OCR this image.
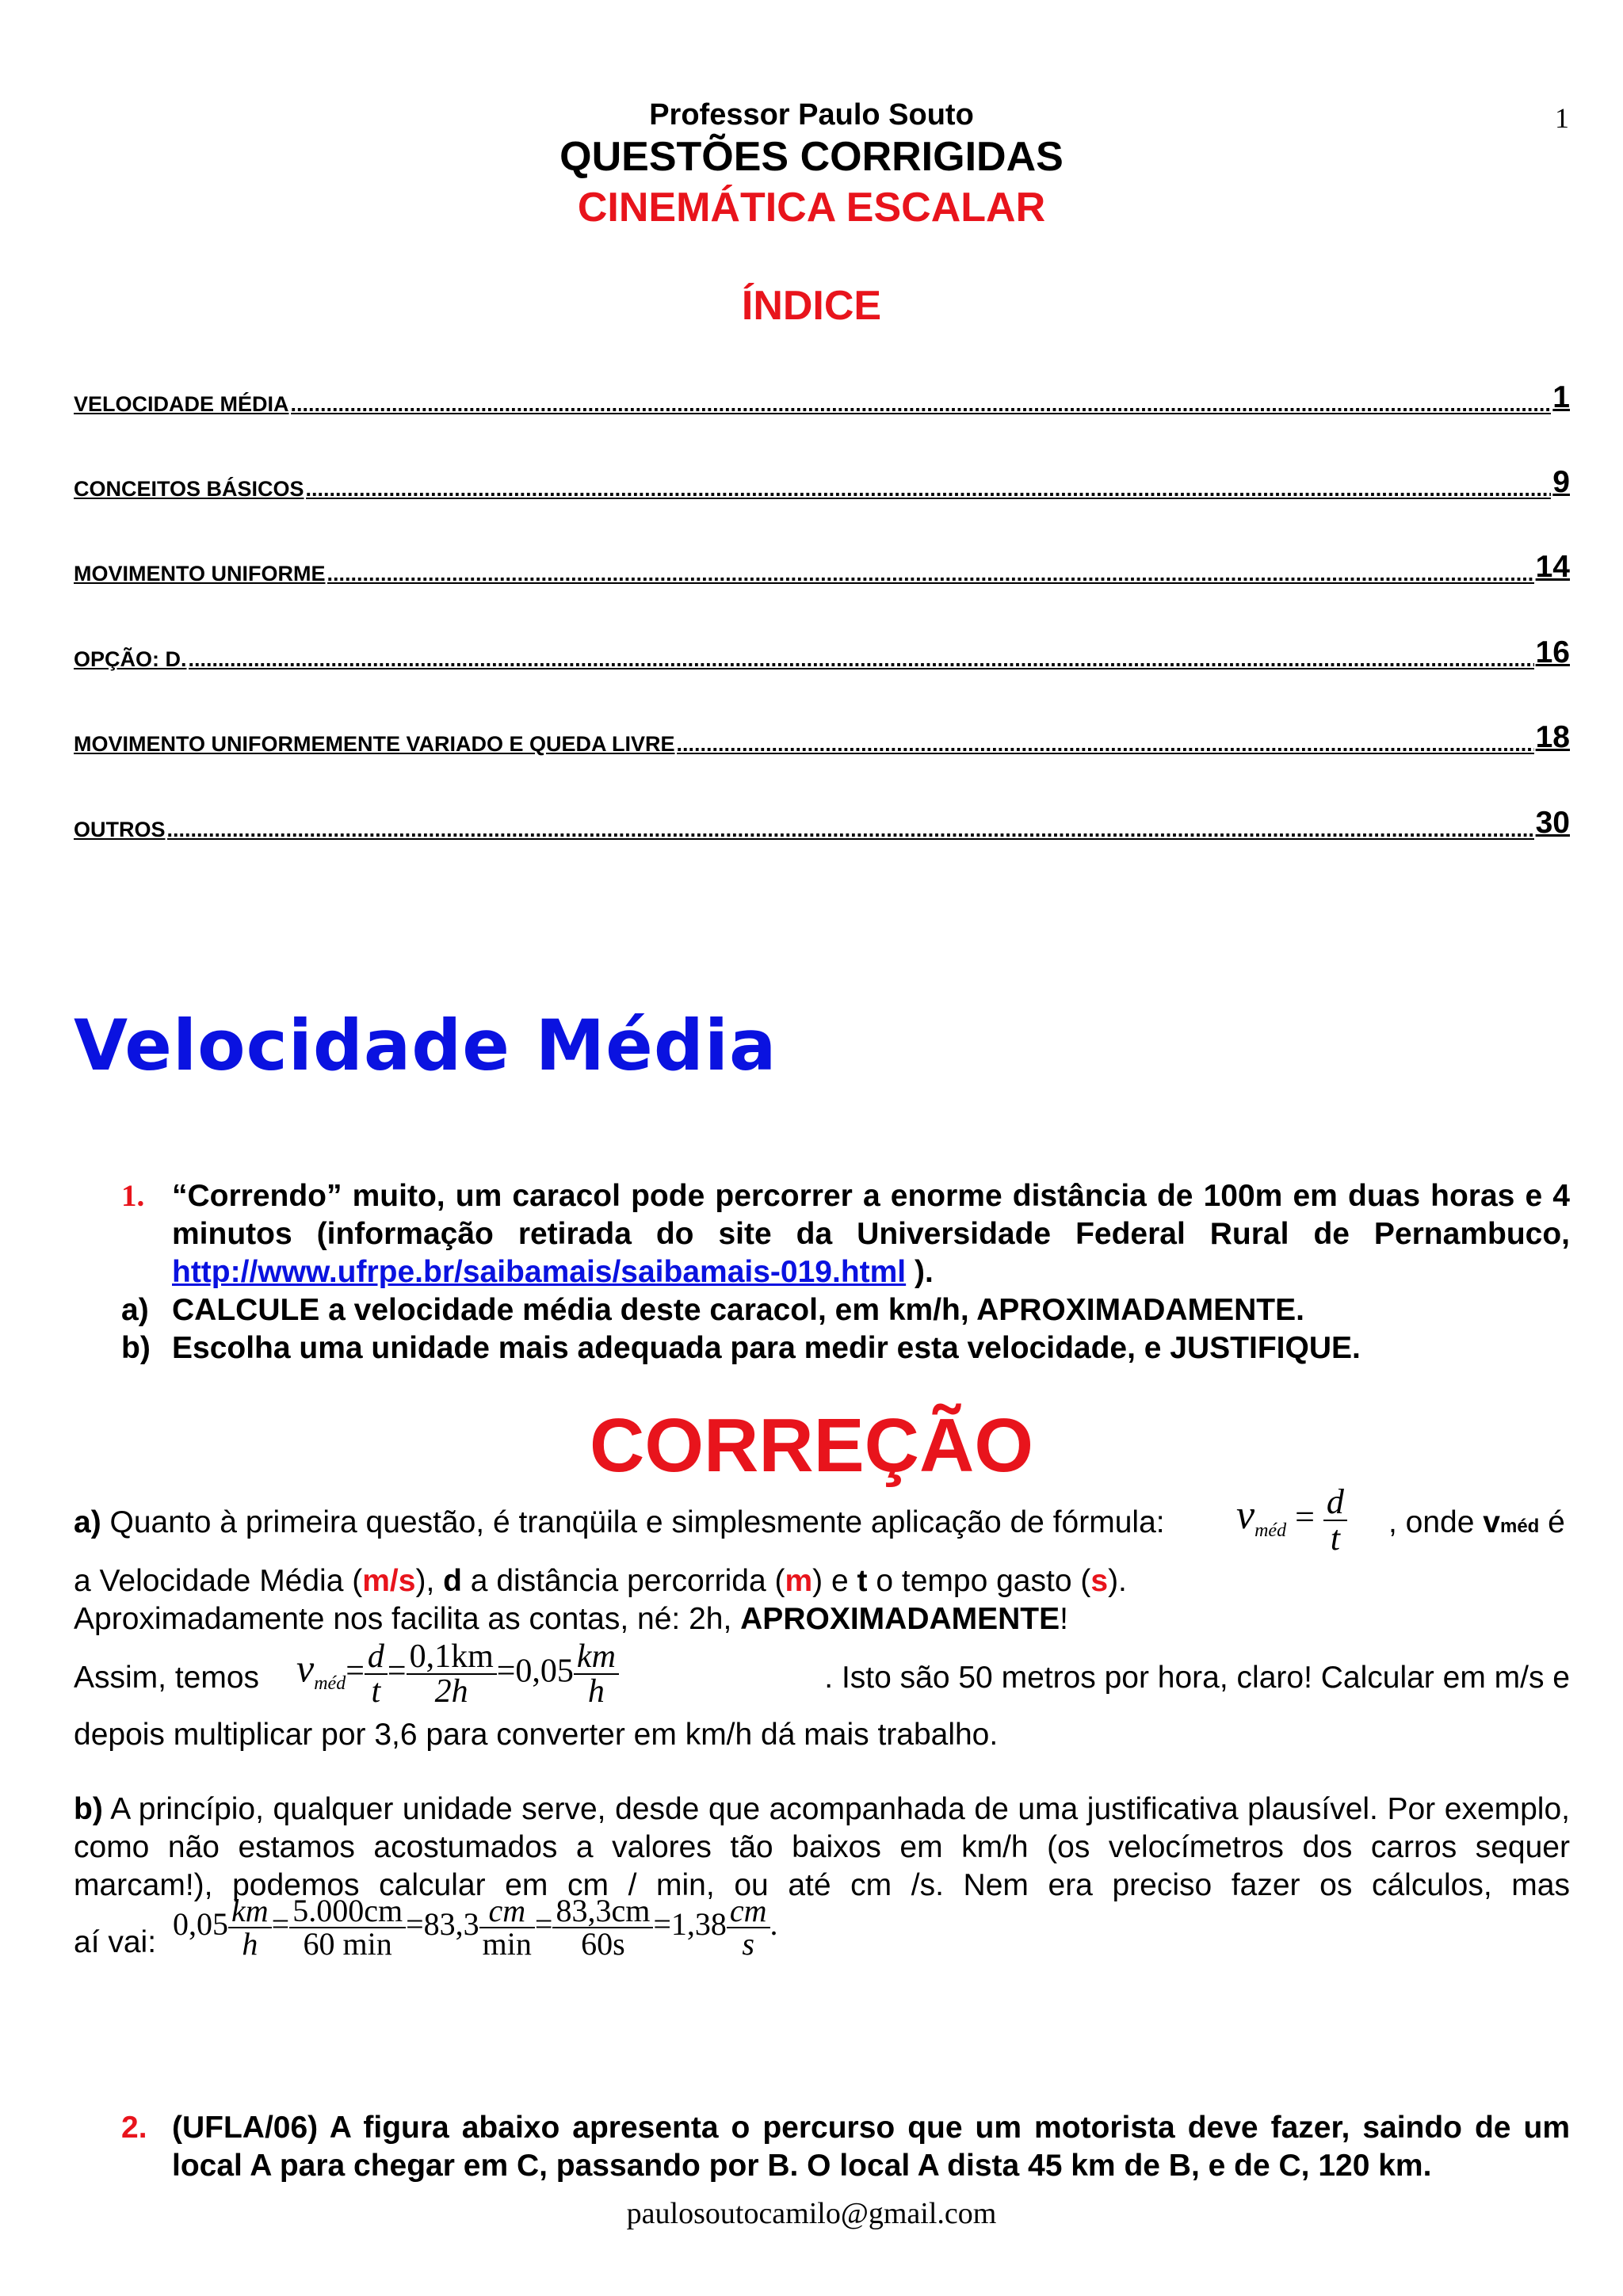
1
Professor Paulo Souto
QUESTÕES CORRIGIDAS
CINEMÁTICA ESCALAR
ÍNDICE
VELOCIDADE MÉDIA .....	1
CONCEITOS BÁSICOS .....	9
MOVIMENTO UNIFORME .....	14
OPÇÃO: D. .....	16
MOVIMENTO UNIFORMEMENTE VARIADO E QUEDA LIVRE .....	18
OUTROS .....	30
Velocidade Média
1. “Correndo” muito, um caracol pode percorrer a enorme distância de 100m em duas horas e 4 minutos (informação retirada do site da Universidade Federal Rural de Pernambuco, http://www.ufrpe.br/saibamais/saibamais-019.html ).
a) CALCULE a velocidade média deste caracol, em km/h, APROXIMADAMENTE.
b) Escolha uma unidade mais adequada para medir esta velocidade, e JUSTIFIQUE.
CORREÇÃO
a) Quanto à primeira questão, é tranqüila e simplesmente aplicação de fórmula: $v_{méd} = \frac{d}{t}$ , onde vméd é
a Velocidade Média (m/s), d a distância percorrida (m) e t o tempo gasto (s).
Aproximadamente nos facilita as contas, né: 2h, APROXIMADAMENTE!
Assim, temos $v_{méd}= \frac{d}{t} = \frac{0,1km}{2h} =0,05 \frac{km}{h}$	. Isto são 50 metros por hora, claro! Calcular em m/s e
depois multiplicar por 3,6 para converter em km/h dá mais trabalho.
b) A princípio, qualquer unidade serve, desde que acompanhada de uma justificativa plausível. Por exemplo, como não estamos acostumados a valores tão baixos em km/h (os velocímetros dos carros sequer marcam!), podemos calcular em cm / min, ou até cm /s. Nem era preciso fazer os cálculos, mas
aí vai:
$0,05 \frac{km}{h} = \frac{5.000cm}{60 \min} =83,3 \frac{cm}{\min} = \frac{83,3cm}{60s} =1,38 \frac{cm}{s}$ .
2. (UFLA/06) A figura abaixo apresenta o percurso que um motorista deve fazer, saindo de um local A para chegar em C, passando por B. O local A dista 45 km de B, e de C, 120 km.
paulosoutocamilo@gmail.com
